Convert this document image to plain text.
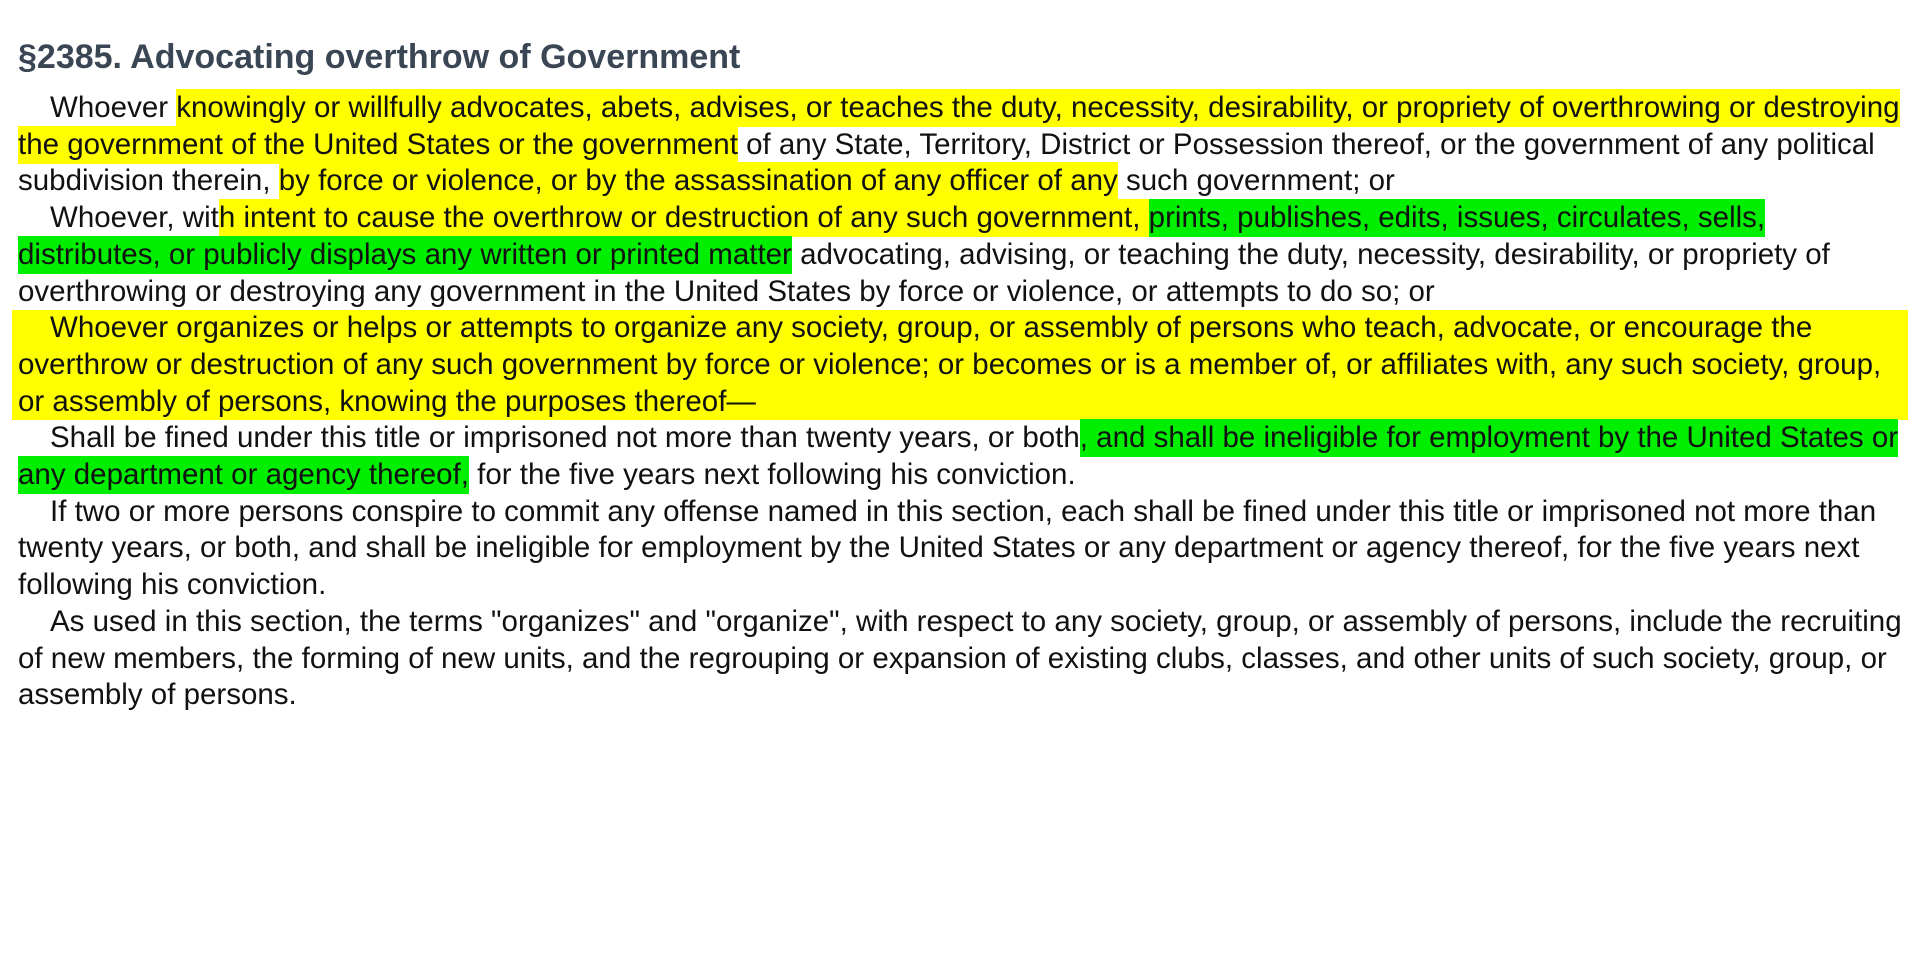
§2385. Advocating overthrow of Government

Whoever knowingly or willfully advocates, abets, advises, or teaches the duty, necessity, desirability, or propriety of overthrowing or destroying the government of the United States or the government of any State, Territory, District or Possession thereof, or the government of any political subdivision therein, by force or violence, or by the assassination of any officer of any such government; or

Whoever, with intent to cause the overthrow or destruction of any such government, prints, publishes, edits, issues, circulates, sells, distributes, or publicly displays any written or printed matter advocating, advising, or teaching the duty, necessity, desirability, or propriety of overthrowing or destroying any government in the United States by force or violence, or attempts to do so; or

Whoever organizes or helps or attempts to organize any society, group, or assembly of persons who teach, advocate, or encourage the overthrow or destruction of any such government by force or violence; or becomes or is a member of, or affiliates with, any such society, group, or assembly of persons, knowing the purposes thereof—

Shall be fined under this title or imprisoned not more than twenty years, or both, and shall be ineligible for employment by the United States or any department or agency thereof, for the five years next following his conviction.

If two or more persons conspire to commit any offense named in this section, each shall be fined under this title or imprisoned not more than twenty years, or both, and shall be ineligible for employment by the United States or any department or agency thereof, for the five years next following his conviction.

As used in this section, the terms "organizes" and "organize", with respect to any society, group, or assembly of persons, include the recruiting of new members, the forming of new units, and the regrouping or expansion of existing clubs, classes, and other units of such society, group, or assembly of persons.
